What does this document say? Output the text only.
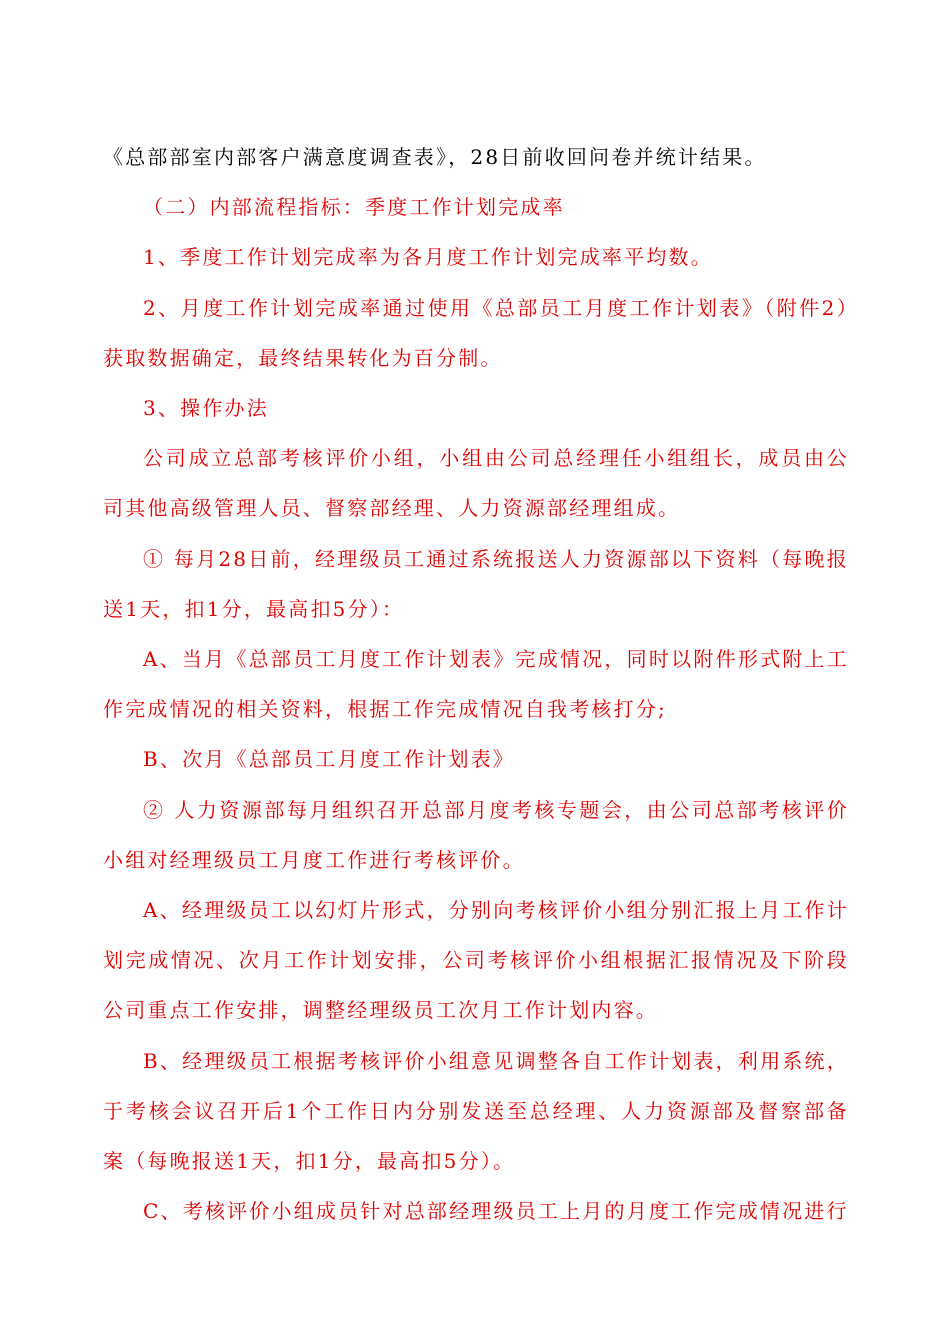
《总部部室内部客户满意度调查表》，28日前收回问卷并统计结果。

（二）内部流程指标：季度工作计划完成率

1、季度工作计划完成率为各月度工作计划完成率平均数。

2、月度工作计划完成率通过使用《总部员工月度工作计划表》（附件2）获取数据确定，最终结果转化为百分制。

3、操作办法

公司成立总部考核评价小组，小组由公司总经理任小组组长，成员由公司其他高级管理人员、督察部经理、人力资源部经理组成。

① 每月28日前，经理级员工通过系统报送人力资源部以下资料（每晚报送1天，扣1分，最高扣5分）：

A、当月《总部员工月度工作计划表》完成情况，同时以附件形式附上工作完成情况的相关资料，根据工作完成情况自我考核打分;

B、次月《总部员工月度工作计划表》

② 人力资源部每月组织召开总部月度考核专题会，由公司总部考核评价小组对经理级员工月度工作进行考核评价。

A、经理级员工以幻灯片形式，分别向考核评价小组分别汇报上月工作计划完成情况、次月工作计划安排，公司考核评价小组根据汇报情况及下阶段公司重点工作安排，调整经理级员工次月工作计划内容。

B、经理级员工根据考核评价小组意见调整各自工作计划表，利用系统，于考核会议召开后1个工作日内分别发送至总经理、人力资源部及督察部备案（每晚报送1天，扣1分，最高扣5分）。

C、考核评价小组成员针对总部经理级员工上月的月度工作完成情况进行
